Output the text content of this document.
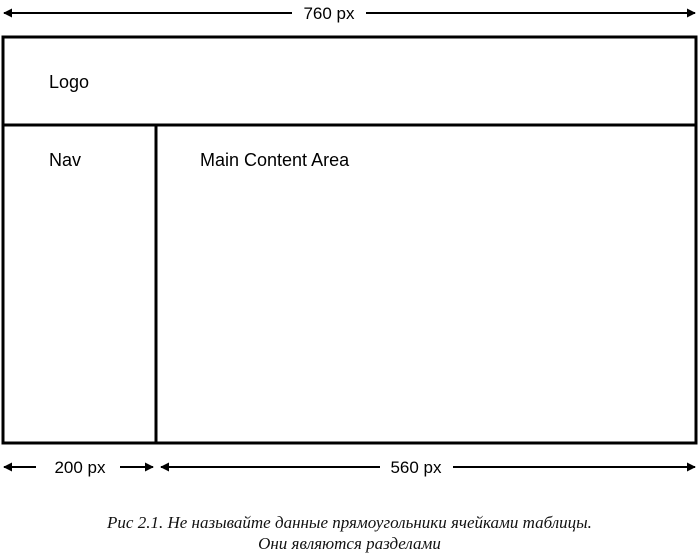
760 px
Logo
Nav	Main Content Area
200 px	560 px
Рис 2.1. Не называйте данные прямоугольники ячейками таблицы.
Они являются разделами
